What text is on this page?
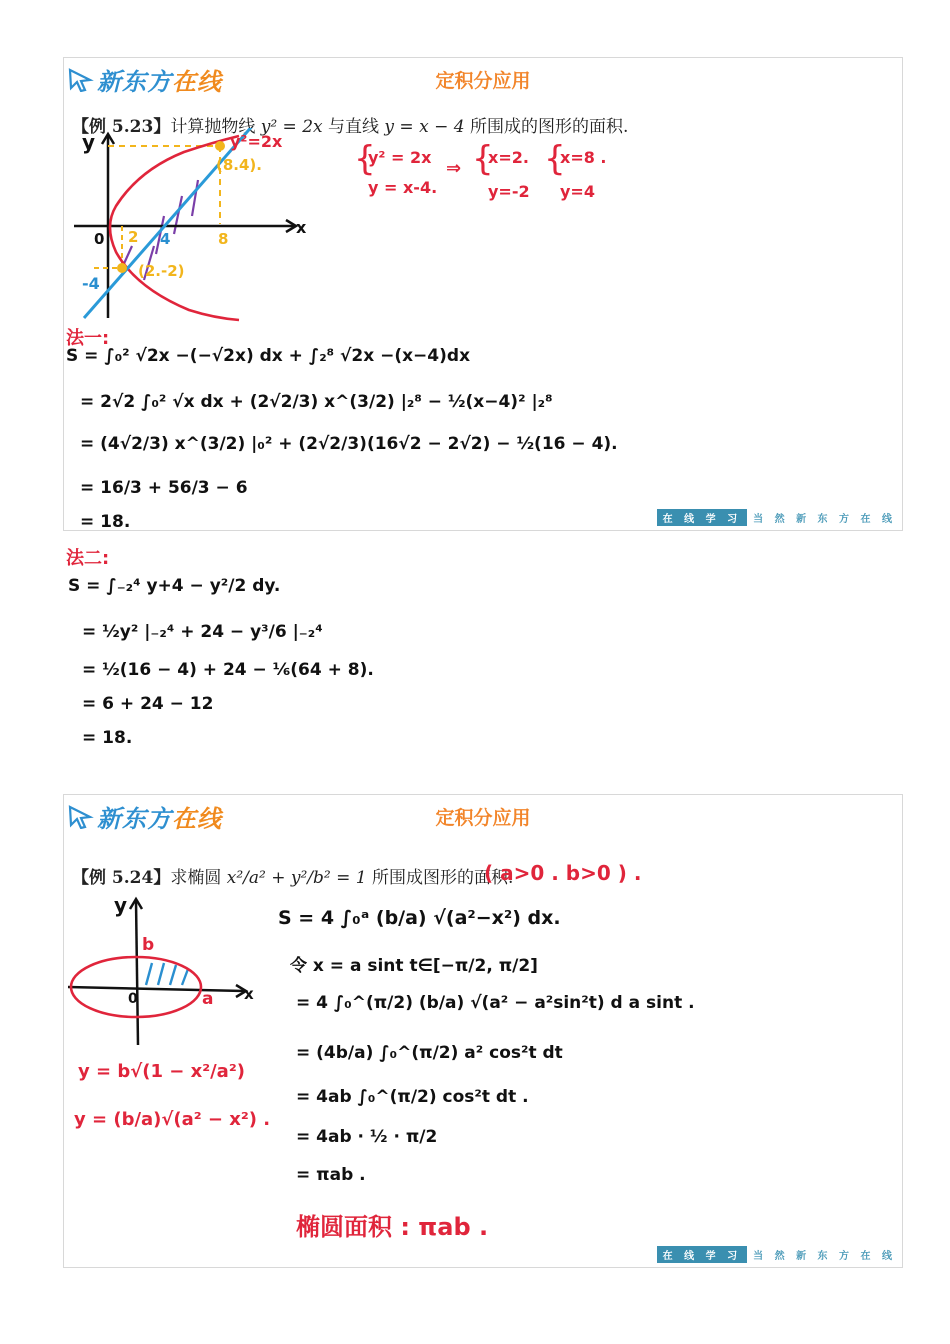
新东方 在线	定积分应用
【例 5.23】计算抛物线 y² = 2x 与直线 y = x − 4 所围成的图形的面积.
y
x
0 2 4	8
-4
y²=2x
(8.4).
(2.-2)
{
y² = 2x
y = x-4.
⇒ {
x=2.
y=-2
{
x=8 .
y=4
法一:
S = ∫₀² √2x −(−√2x) dx + ∫₂⁸ √2x −(x−4)dx
= 2√2 ∫₀² √x dx + (2√2/3) x^(3/2) |₂⁸ − ½(x−4)² |₂⁸
= (4√2/3) x^(3/2) |₀² + (2√2/3)(16√2 − 2√2) − ½(16 − 4).
= 16/3 + 56/3 − 6
= 18.	在 线 学 习	当 然 新 东 方 在 线
法二:
S = ∫₋₂⁴ y+4 − y²/2 dy.
= ½y² |₋₂⁴ + 24 − y³/6 |₋₂⁴
= ½(16 − 4) + 24 − ⅙(64 + 8).
= 6 + 24 − 12
= 18.
新东方 在线	定积分应用
【例 5.24】求椭圆 x²/a² + y²/b² = 1 所围成图形的面积.
( a>0 . b>0 ) .
y
x
0
b
a
y = b√(1 − x²/a²)
y = (b/a)√(a² − x²) .
S = 4 ∫₀ᵃ (b/a) √(a²−x²) dx.
令 x = a sint t∈[−π/2, π/2]
= 4 ∫₀^(π/2) (b/a) √(a² − a²sin²t) d a sint .
= (4b/a) ∫₀^(π/2) a² cos²t dt
= 4ab ∫₀^(π/2) cos²t dt .
= 4ab · ½ · π/2
= πab .
椭圆面积 : πab .
在 线 学 习	当 然 新 东 方 在 线
